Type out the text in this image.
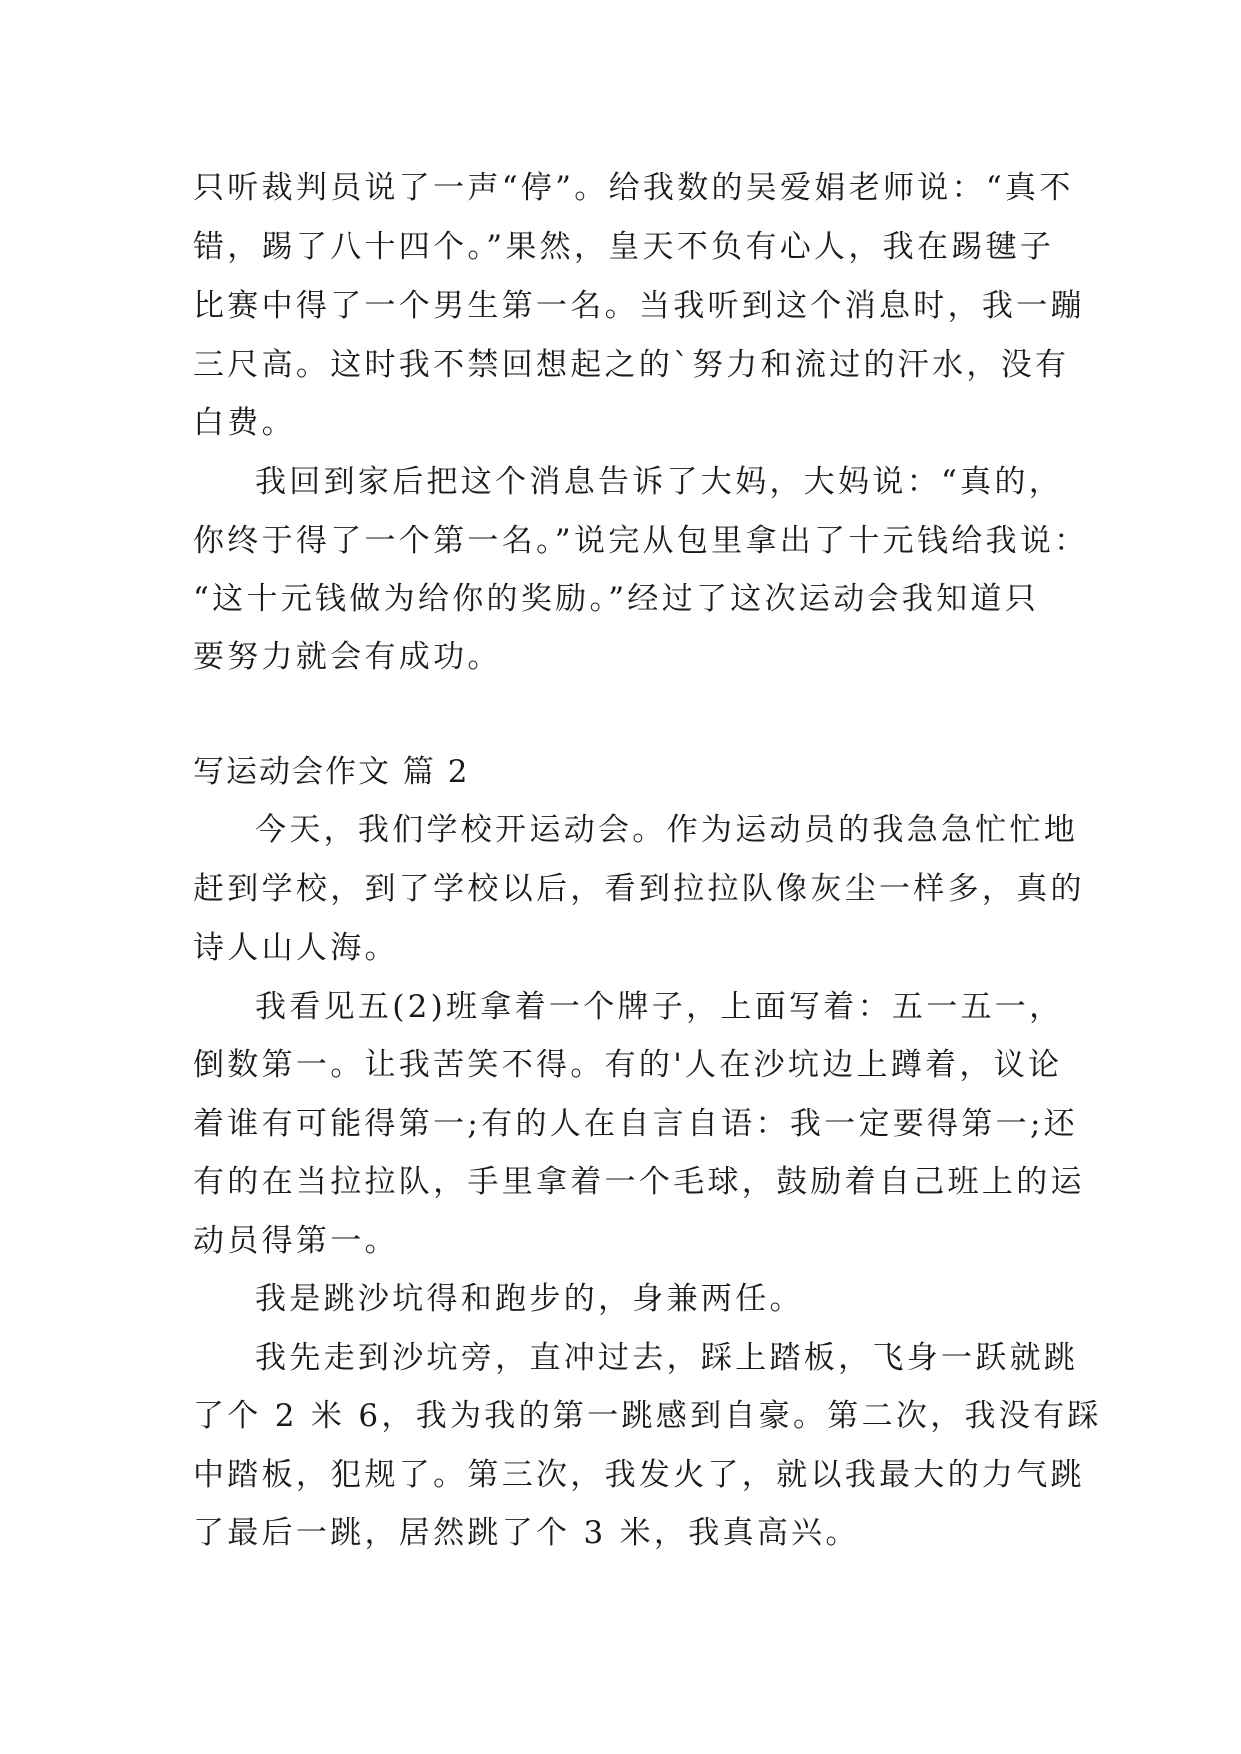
只听裁判员说了一声“停”。给我数的吴爱娟老师说：“真不
错，踢了八十四个。”果然，皇天不负有心人，我在踢毽子
比赛中得了一个男生第一名。当我听到这个消息时，我一蹦
三尺高。这时我不禁回想起之的`努力和流过的汗水，没有
白费。
我回到家后把这个消息告诉了大妈，大妈说：“真的，
你终于得了一个第一名。”说完从包里拿出了十元钱给我说：
“这十元钱做为给你的奖励。”经过了这次运动会我知道只
要努力就会有成功。
写运动会作文 篇 2
今天，我们学校开运动会。作为运动员的我急急忙忙地
赶到学校，到了学校以后，看到拉拉队像灰尘一样多，真的
诗人山人海。
我看见五(2)班拿着一个牌子，上面写着：五一五一，
倒数第一。让我苦笑不得。有的'人在沙坑边上蹲着，议论
着谁有可能得第一;有的人在自言自语：我一定要得第一;还
有的在当拉拉队，手里拿着一个毛球，鼓励着自己班上的运
动员得第一。
我是跳沙坑得和跑步的，身兼两任。
我先走到沙坑旁，直冲过去，踩上踏板，飞身一跃就跳
了个 2 米 6，我为我的第一跳感到自豪。第二次，我没有踩
中踏板，犯规了。第三次，我发火了，就以我最大的力气跳
了最后一跳，居然跳了个 3 米，我真高兴。
